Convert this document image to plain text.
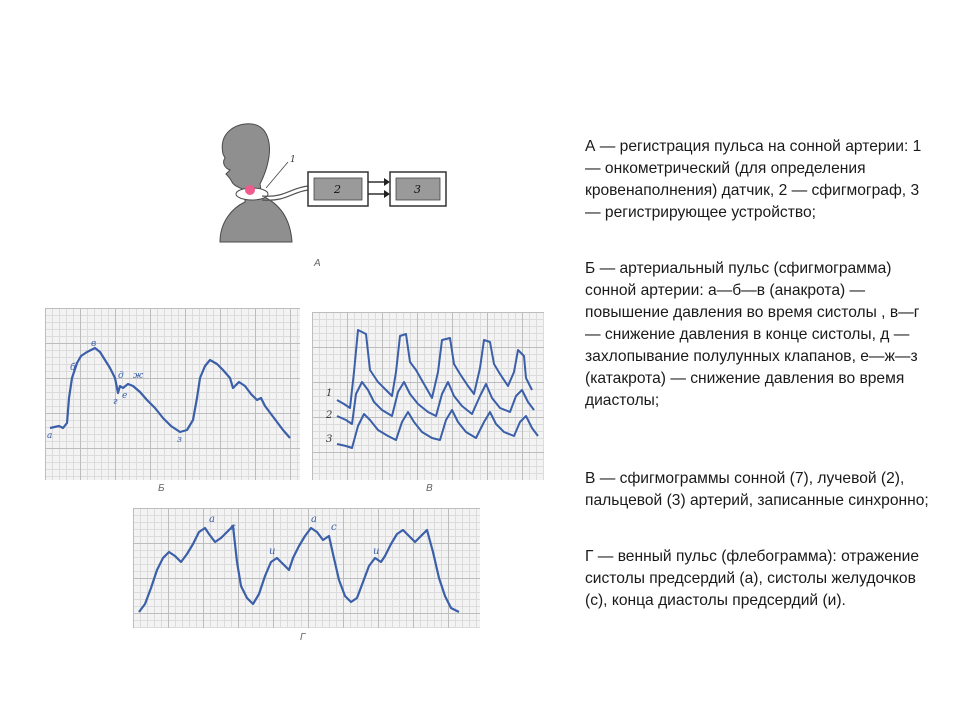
1
2	3
А
а
б
в
г
д
е
ж
з
Б
1
2
3
В
а
с
и
а
с
и
Г

А — регистрация пульса на сонной артерии: 1 — онкометрический (для определения кровенаполнения) датчик, 2 — сфигмограф, 3 — регистрирующее устройство;

Б — артериальный пульс (сфигмограмма) сонной артерии: а—б—в (анакрота) — повышение давления во время систолы , в—г — снижение давления в конце систолы, д — захлопывание полулунных клапанов, е—ж—з (катакрота) — снижение давления во время диастолы;

В — сфигмограммы сонной (7), лучевой (2), пальцевой (3) артерий, записанные синхронно;

Г — венный пульс (флебограмма): отражение систолы предсердий (а), систолы желудочков (с), конца диастолы предсердий (и).
